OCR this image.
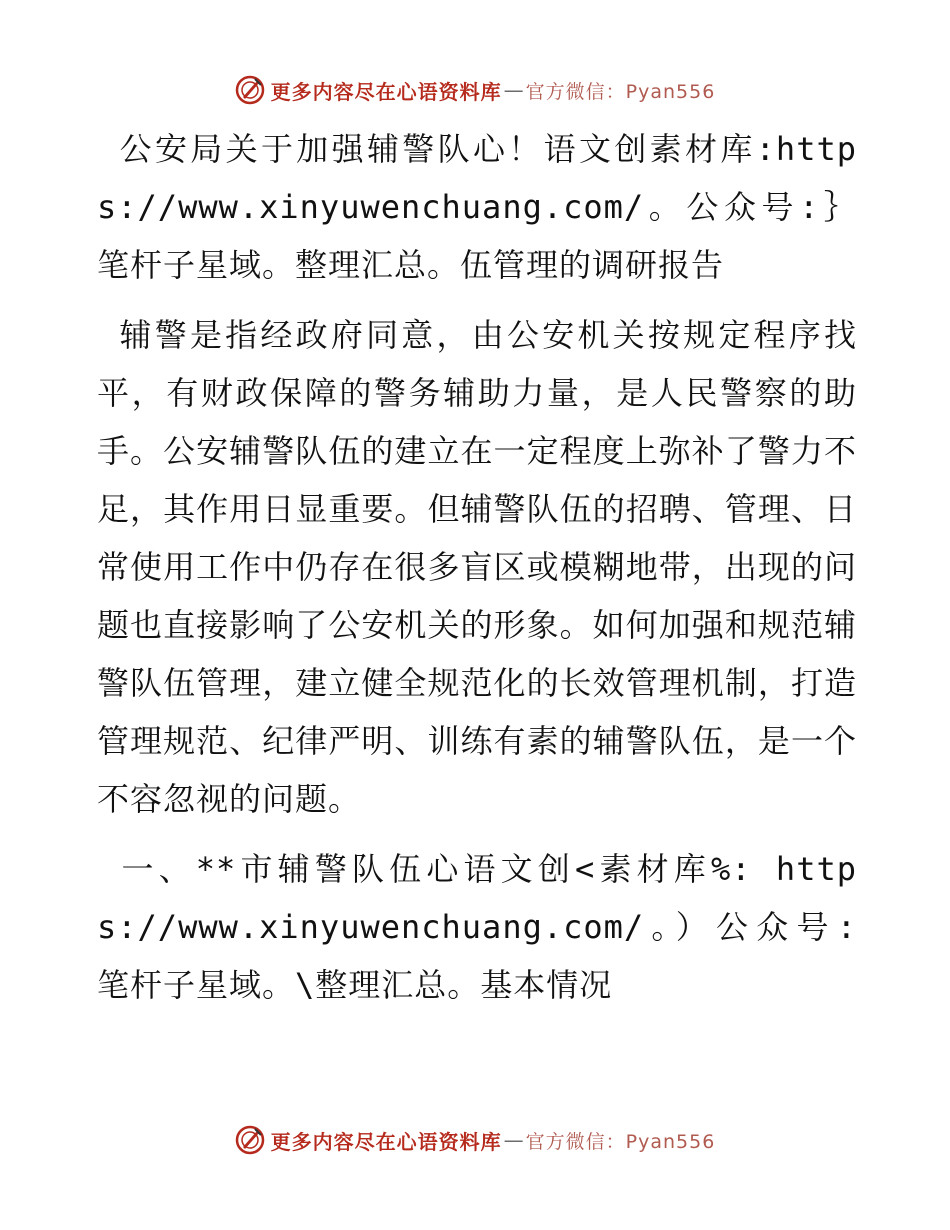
更多内容尽在心语资料库 — 官方微信：Pyan556

公安局关于加强辅警队心！语文创素材库:https://www.xinyuwenchuang.com/。公众号:｝笔杆子星域。整理汇总。伍管理的调研报告

辅警是指经政府同意，由公安机关按规定程序找平，有财政保障的警务辅助力量，是人民警察的助手。公安辅警队伍的建立在一定程度上弥补了警力不足，其作用日显重要。但辅警队伍的招聘、管理、日常使用工作中仍存在很多盲区或模糊地带，出现的问题也直接影响了公安机关的形象。如何加强和规范辅警队伍管理，建立健全规范化的长效管理机制，打造管理规范、纪律严明、训练有素的辅警队伍，是一个不容忽视的问题。

一、**市辅警队伍心语文创<素材库%: https://www.xinyuwenchuang.com/。）公众号: 笔杆子星域。\整理汇总。基本情况

更多内容尽在心语资料库 — 官方微信：Pyan556
